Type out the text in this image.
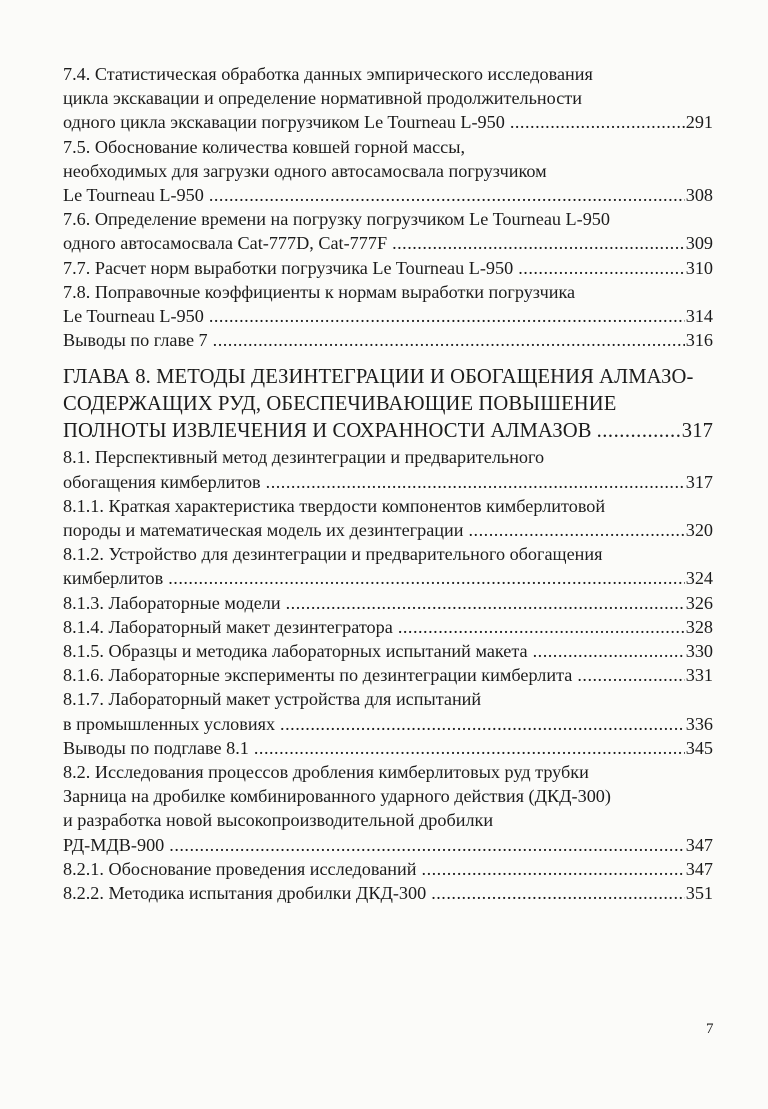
7.4. Статистическая обработка данных эмпирического исследования
цикла экскавации и определение нормативной продолжительности
одного цикла экскавации погрузчиком Le Tourneau L-950 .....	291
7.5. Обоснование количества ковшей горной массы,
необходимых для загрузки одного автосамосвала погрузчиком
Le Tourneau L-950 .....	308
7.6. Определение времени на погрузку погрузчиком Le Tourneau L-950
одного автосамосвала Cat-777D, Cat-777F .....	309
7.7. Расчет норм выработки погрузчика Le Tourneau L-950 .....	310
7.8. Поправочные коэффициенты к нормам выработки погрузчика
Le Tourneau L-950 .....	314
Выводы по главе 7 .....	316
ГЛАВА 8. МЕТОДЫ ДЕЗИНТЕГРАЦИИ И ОБОГАЩЕНИЯ АЛМАЗО-
СОДЕРЖАЩИХ РУД, ОБЕСПЕЧИВАЮЩИЕ ПОВЫШЕНИЕ
ПОЛНОТЫ ИЗВЛЕЧЕНИЯ И СОХРАННОСТИ АЛМАЗОВ .....	317
8.1. Перспективный метод дезинтеграции и предварительного
обогащения кимберлитов .....	317
8.1.1. Краткая характеристика твердости компонентов кимберлитовой
породы и математическая модель их дезинтеграции .....	320
8.1.2. Устройство для дезинтеграции и предварительного обогащения
кимберлитов .....	324
8.1.3. Лабораторные модели .....	326
8.1.4. Лабораторный макет дезинтегратора .....	328
8.1.5. Образцы и методика лабораторных испытаний макета .....	330
8.1.6. Лабораторные эксперименты по дезинтеграции кимберлита .....	331
8.1.7. Лабораторный макет устройства для испытаний
в промышленных условиях .....	336
Выводы по подглаве 8.1 .....	345
8.2. Исследования процессов дробления кимберлитовых руд трубки
Зарница на дробилке комбинированного ударного действия (ДКД-300)
и разработка новой высокопроизводительной дробилки
РД-МДВ-900 .....	347
8.2.1. Обоснование проведения исследований .....	347
8.2.2. Методика испытания дробилки ДКД-300 .....	351
7
